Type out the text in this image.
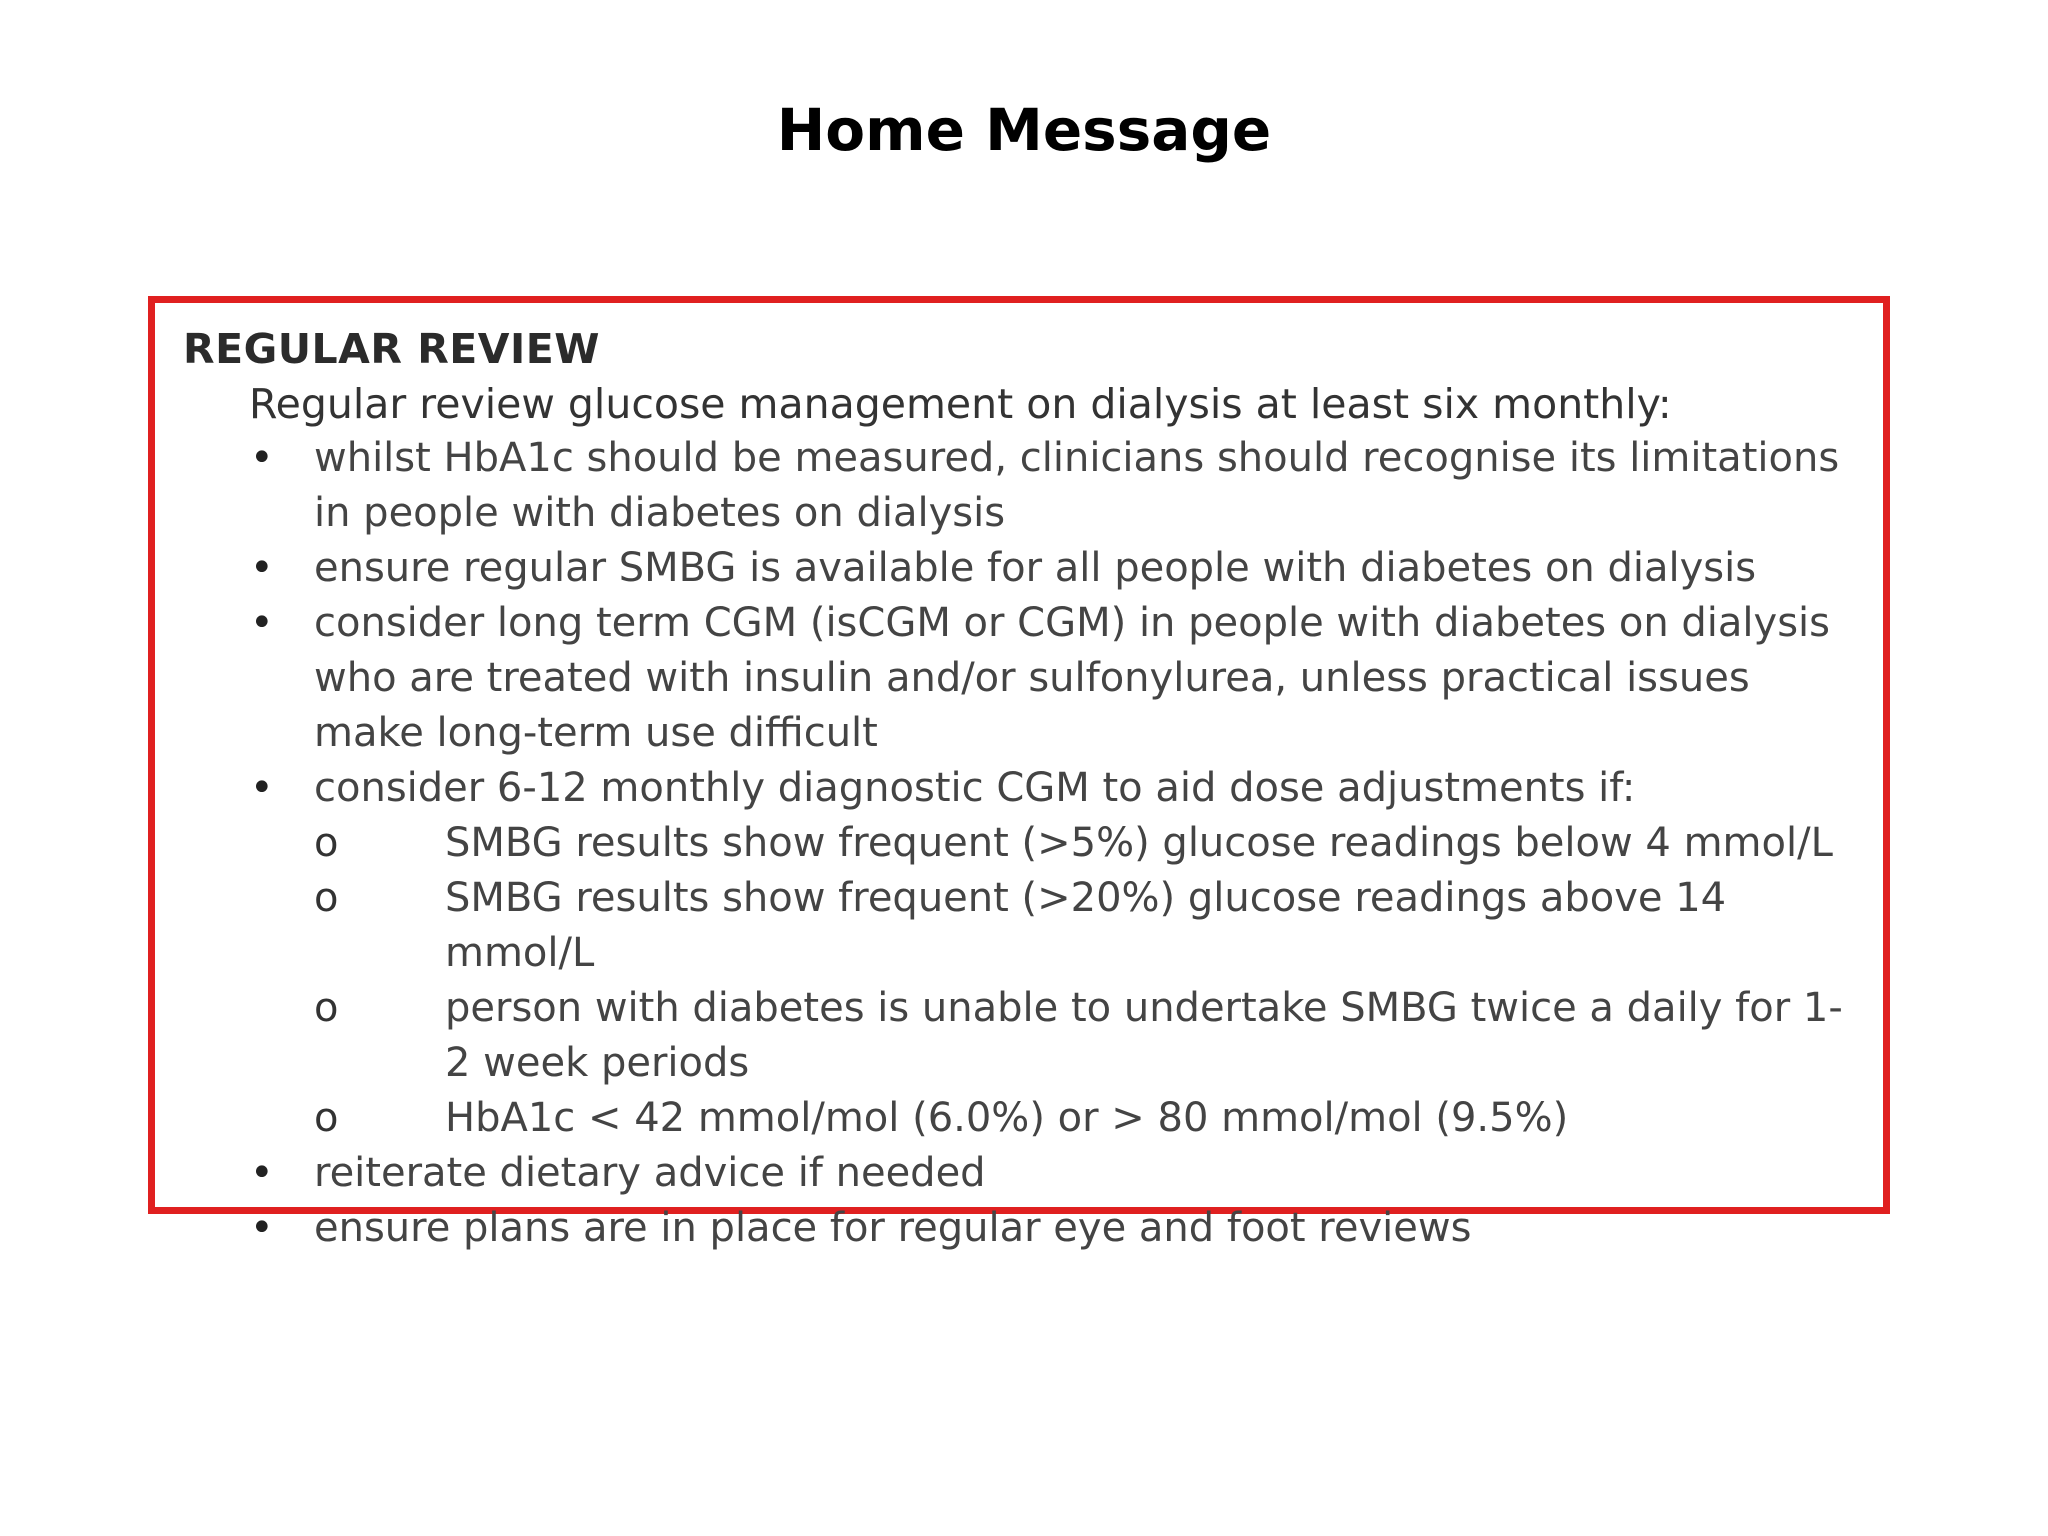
Home Message
REGULAR REVIEW
Regular review glucose management on dialysis at least six monthly:
•	whilst HbA1c should be measured, clinicians should recognise its limitations in people with diabetes on dialysis
•	ensure regular SMBG is available for all people with diabetes on dialysis
•	consider long term CGM (isCGM or CGM) in people with diabetes on dialysis who are treated with insulin and/or sulfonylurea, unless practical issues make long-term use difficult
•	consider 6-12 monthly diagnostic CGM to aid dose adjustments if:
o	SMBG results show frequent (>5%) glucose readings below 4 mmol/L
o	SMBG results show frequent (>20%) glucose readings above 14 mmol/L
o	person with diabetes is unable to undertake SMBG twice a daily for 1-2 week periods
o	HbA1c < 42 mmol/mol (6.0%) or > 80 mmol/mol (9.5%)
•	reiterate dietary advice if needed
•	ensure plans are in place for regular eye and foot reviews
